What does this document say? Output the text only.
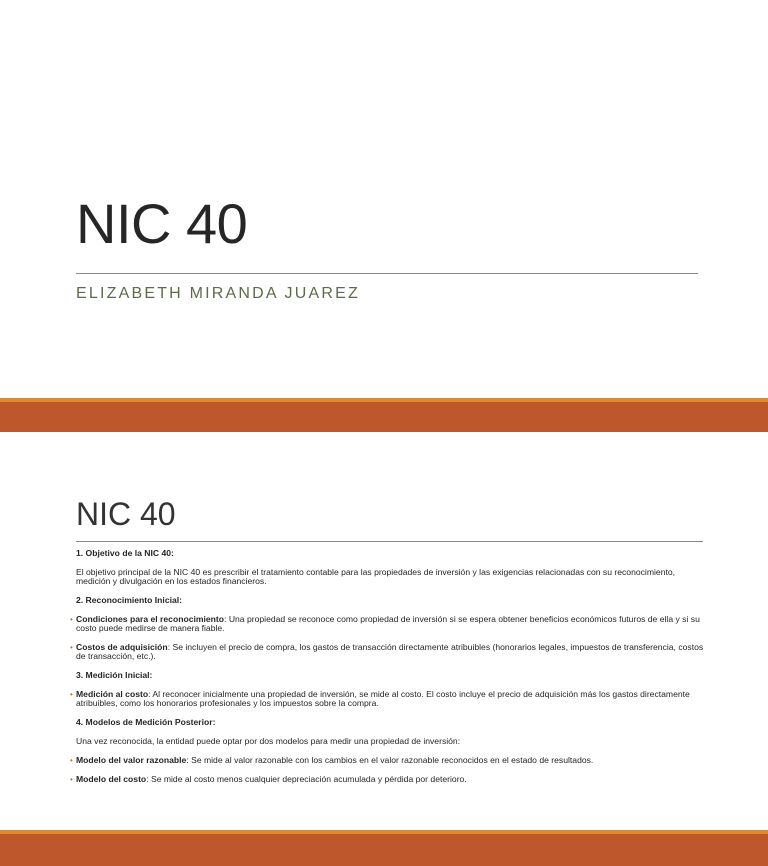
NIC 40
ELIZABETH MIRANDA JUAREZ
NIC 40

1. Objetivo de la NIC 40:

El objetivo principal de la NIC 40 es prescribir el tratamiento contable para las propiedades de inversión y las exigencias relacionadas con su reconocimiento, medición y divulgación en los estados financieros.

2. Reconocimiento Inicial:

• Condiciones para el reconocimiento: Una propiedad se reconoce como propiedad de inversión si se espera obtener beneficios económicos futuros de ella y si su costo puede medirse de manera fiable.

• Costos de adquisición: Se incluyen el precio de compra, los gastos de transacción directamente atribuibles (honorarios legales, impuestos de transferencia, costos de transacción, etc.).

3. Medición Inicial:

• Medición al costo: Al reconocer inicialmente una propiedad de inversión, se mide al costo. El costo incluye el precio de adquisición más los gastos directamente atribuibles, como los honorarios profesionales y los impuestos sobre la compra.

4. Modelos de Medición Posterior:

Una vez reconocida, la entidad puede optar por dos modelos para medir una propiedad de inversión:

• Modelo del valor razonable: Se mide al valor razonable con los cambios en el valor razonable reconocidos en el estado de resultados.

• Modelo del costo: Se mide al costo menos cualquier depreciación acumulada y pérdida por deterioro.
